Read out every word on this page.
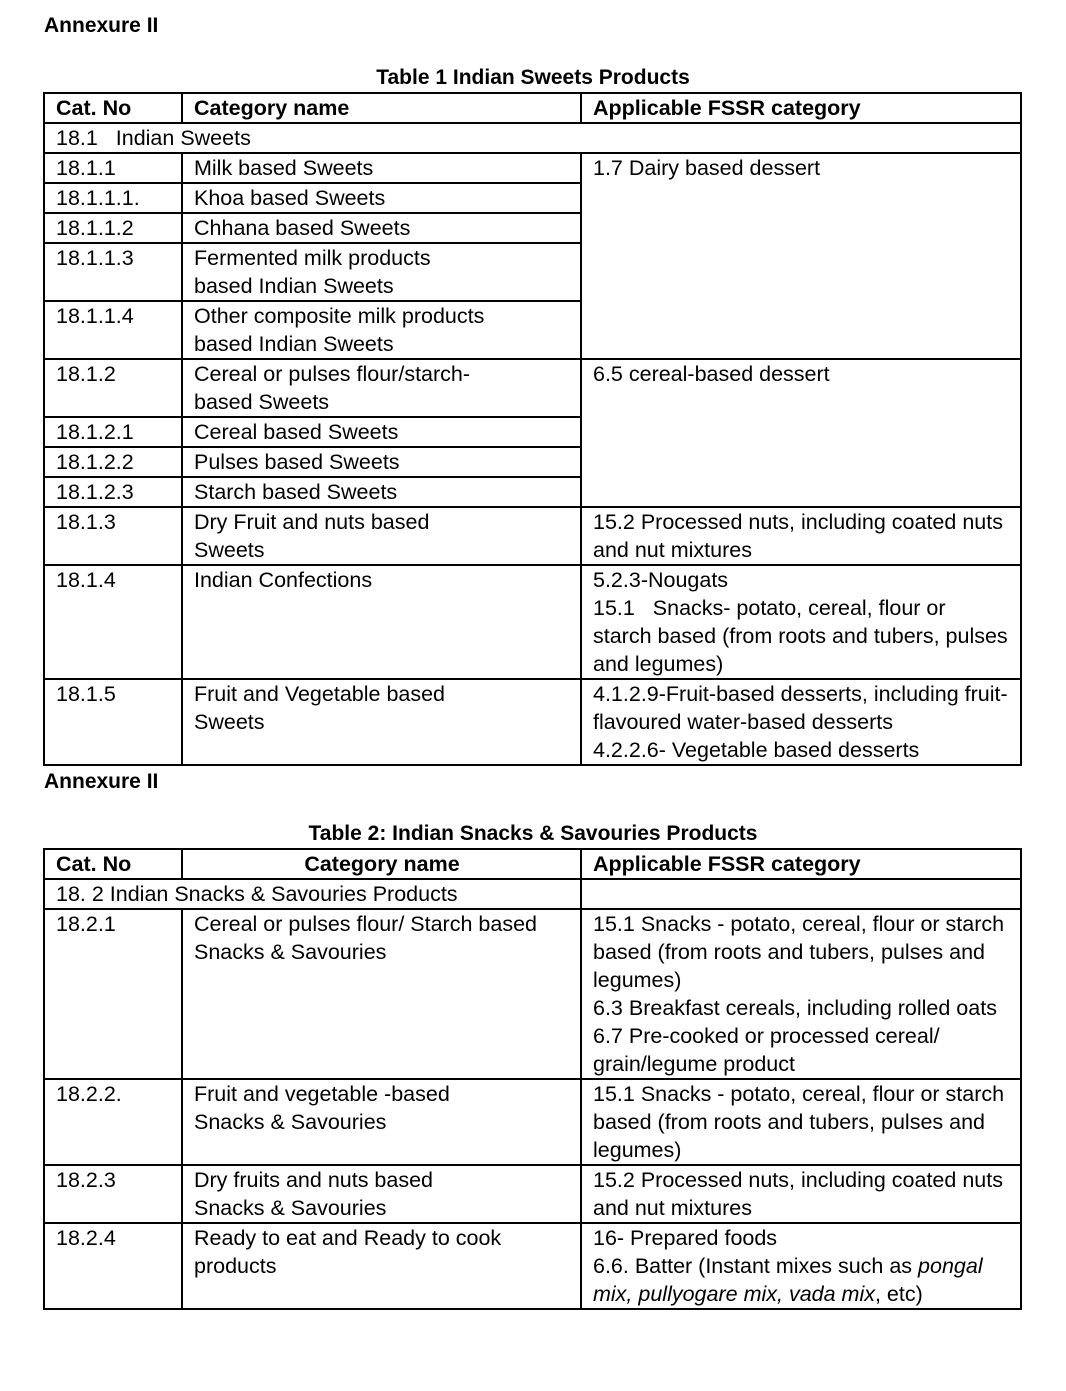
Annexure II
Table 1 Indian Sweets Products
Cat. No	Category name	Applicable FSSR category
18.1   Indian Sweets		
18.1.1	Milk based Sweets	1.7 Dairy based dessert
18.1.1.1.	Khoa based Sweets	
18.1.1.2	Chhana based Sweets	
18.1.1.3	Fermented milk products based Indian Sweets	
18.1.1.4	Other composite milk products based Indian Sweets	
18.1.2	Cereal or pulses flour/starch-based Sweets	6.5 cereal-based dessert
18.1.2.1	Cereal based Sweets	
18.1.2.2	Pulses based Sweets	
18.1.2.3	Starch based Sweets	
18.1.3	Dry Fruit and nuts based Sweets	15.2 Processed nuts, including coated nuts and nut mixtures
18.1.4	Indian Confections	5.2.3-Nougats
15.1   Snacks- potato, cereal, flour or starch based (from roots and tubers, pulses and legumes)

18.1.5	Fruit and Vegetable based Sweets	4.1.2.9-Fruit-based desserts, including fruit-flavoured water-based desserts
4.2.2.6- Vegetable based desserts
Annexure II
Table 2: Indian Snacks & Savouries Products
Cat. No	Category name	Applicable FSSR category
18. 2 Indian Snacks & Savouries Products		
18.2.1	Cereal or pulses flour/ Starch based Snacks & Savouries	15.1 Snacks - potato, cereal, flour or starch based (from roots and tubers, pulses and legumes)
6.3 Breakfast cereals, including rolled oats
6.7 Pre-cooked or processed cereal/ grain/legume product

18.2.2.	Fruit and vegetable -based Snacks & Savouries	15.1 Snacks - potato, cereal, flour or starch based (from roots and tubers, pulses and legumes)

18.2.3	Dry fruits and nuts based Snacks & Savouries	15.2 Processed nuts, including coated nuts and nut mixtures

18.2.4	Ready to eat and Ready to cook products	16- Prepared foods
6.6. Batter (Instant mixes such as pongal mix, pullyogare mix, vada mix, etc)
